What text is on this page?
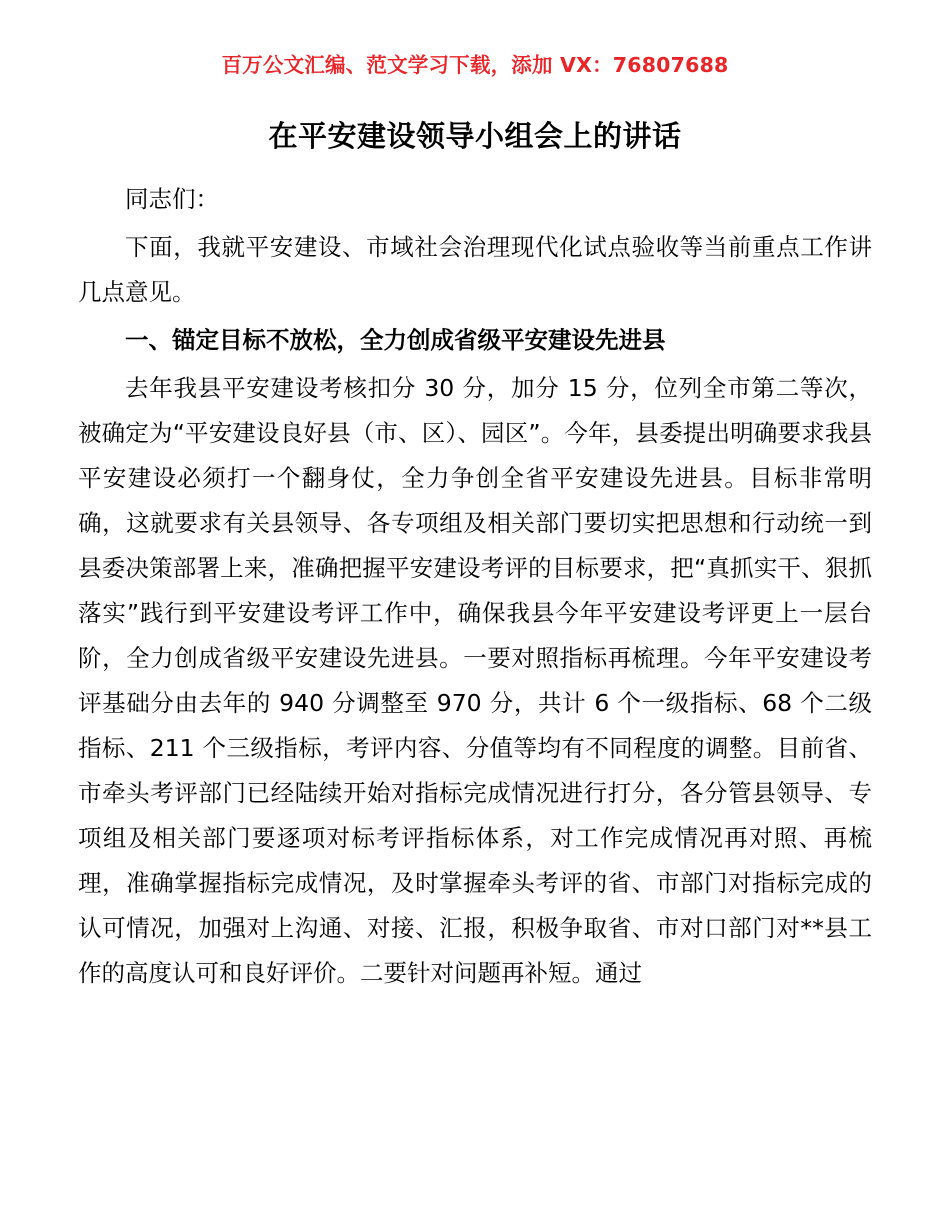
百万公文汇编、范文学习下载，添加 VX：76807688
在平安建设领导小组会上的讲话

同志们：

下面，我就平安建设、市域社会治理现代化试点验收等当前重点工作讲几点意见。

一、锚定目标不放松，全力创成省级平安建设先进县

去年我县平安建设考核扣分 30 分，加分 15 分，位列全市第二等次，被确定为“平安建设良好县（市、区）、园区”。今年，县委提出明确要求我县平安建设必须打一个翻身仗，全力争创全省平安建设先进县。目标非常明确，这就要求有关县领导、各专项组及相关部门要切实把思想和行动统一到县委决策部署上来，准确把握平安建设考评的目标要求，把“真抓实干、狠抓落实”践行到平安建设考评工作中，确保我县今年平安建设考评更上一层台阶，全力创成省级平安建设先进县。一要对照指标再梳理。今年平安建设考评基础分由去年的 940 分调整至 970 分，共计 6 个一级指标、68 个二级指标、211 个三级指标，考评内容、分值等均有不同程度的调整。目前省、市牵头考评部门已经陆续开始对指标完成情况进行打分，各分管县领导、专项组及相关部门要逐项对标考评指标体系，对工作完成情况再对照、再梳理，准确掌握指标完成情况，及时掌握牵头考评的省、市部门对指标完成的认可情况，加强对上沟通、对接、汇报，积极争取省、市对口部门对**县工作的高度认可和良好评价。二要针对问题再补短。通过
